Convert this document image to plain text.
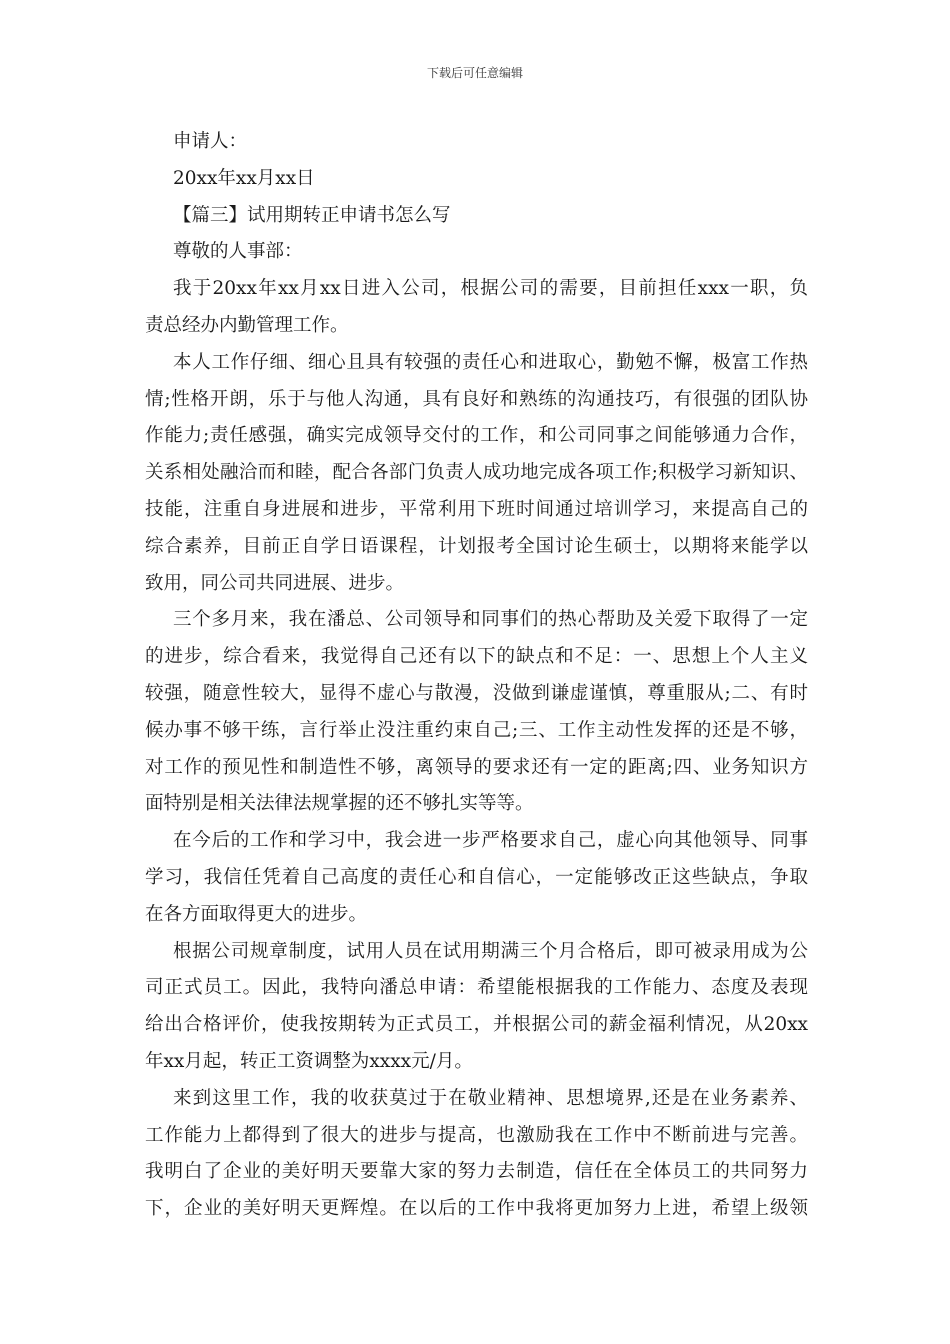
下载后可任意编辑
申请人：
20xx年xx月xx日
【篇三】试用期转正申请书怎么写
尊敬的人事部：
我于20xx年xx月xx日进入公司，根据公司的需要，目前担任xxx一职，负
责总经办内勤管理工作。
本人工作仔细、细心且具有较强的责任心和进取心，勤勉不懈，极富工作热
情;性格开朗，乐于与他人沟通，具有良好和熟练的沟通技巧，有很强的团队协
作能力;责任感强，确实完成领导交付的工作，和公司同事之间能够通力合作，
关系相处融洽而和睦，配合各部门负责人成功地完成各项工作;积极学习新知识、
技能，注重自身进展和进步，平常利用下班时间通过培训学习，来提高自己的
综合素养，目前正自学日语课程，计划报考全国讨论生硕士，以期将来能学以
致用，同公司共同进展、进步。
三个多月来，我在潘总、公司领导和同事们的热心帮助及关爱下取得了一定
的进步，综合看来，我觉得自己还有以下的缺点和不足：一、思想上个人主义
较强，随意性较大，显得不虚心与散漫，没做到谦虚谨慎，尊重服从;二、有时
候办事不够干练，言行举止没注重约束自己;三、工作主动性发挥的还是不够，
对工作的预见性和制造性不够，离领导的要求还有一定的距离;四、业务知识方
面特别是相关法律法规掌握的还不够扎实等等。
在今后的工作和学习中，我会进一步严格要求自己，虚心向其他领导、同事
学习，我信任凭着自己高度的责任心和自信心，一定能够改正这些缺点，争取
在各方面取得更大的进步。
根据公司规章制度，试用人员在试用期满三个月合格后，即可被录用成为公
司正式员工。因此，我特向潘总申请：希望能根据我的工作能力、态度及表现
给出合格评价，使我按期转为正式员工，并根据公司的薪金福利情况，从20xx
年xx月起，转正工资调整为xxxx元/月。
来到这里工作，我的收获莫过于在敬业精神、思想境界,还是在业务素养、
工作能力上都得到了很大的进步与提高，也激励我在工作中不断前进与完善。
我明白了企业的美好明天要靠大家的努力去制造，信任在全体员工的共同努力
下，企业的美好明天更辉煌。在以后的工作中我将更加努力上进，希望上级领
